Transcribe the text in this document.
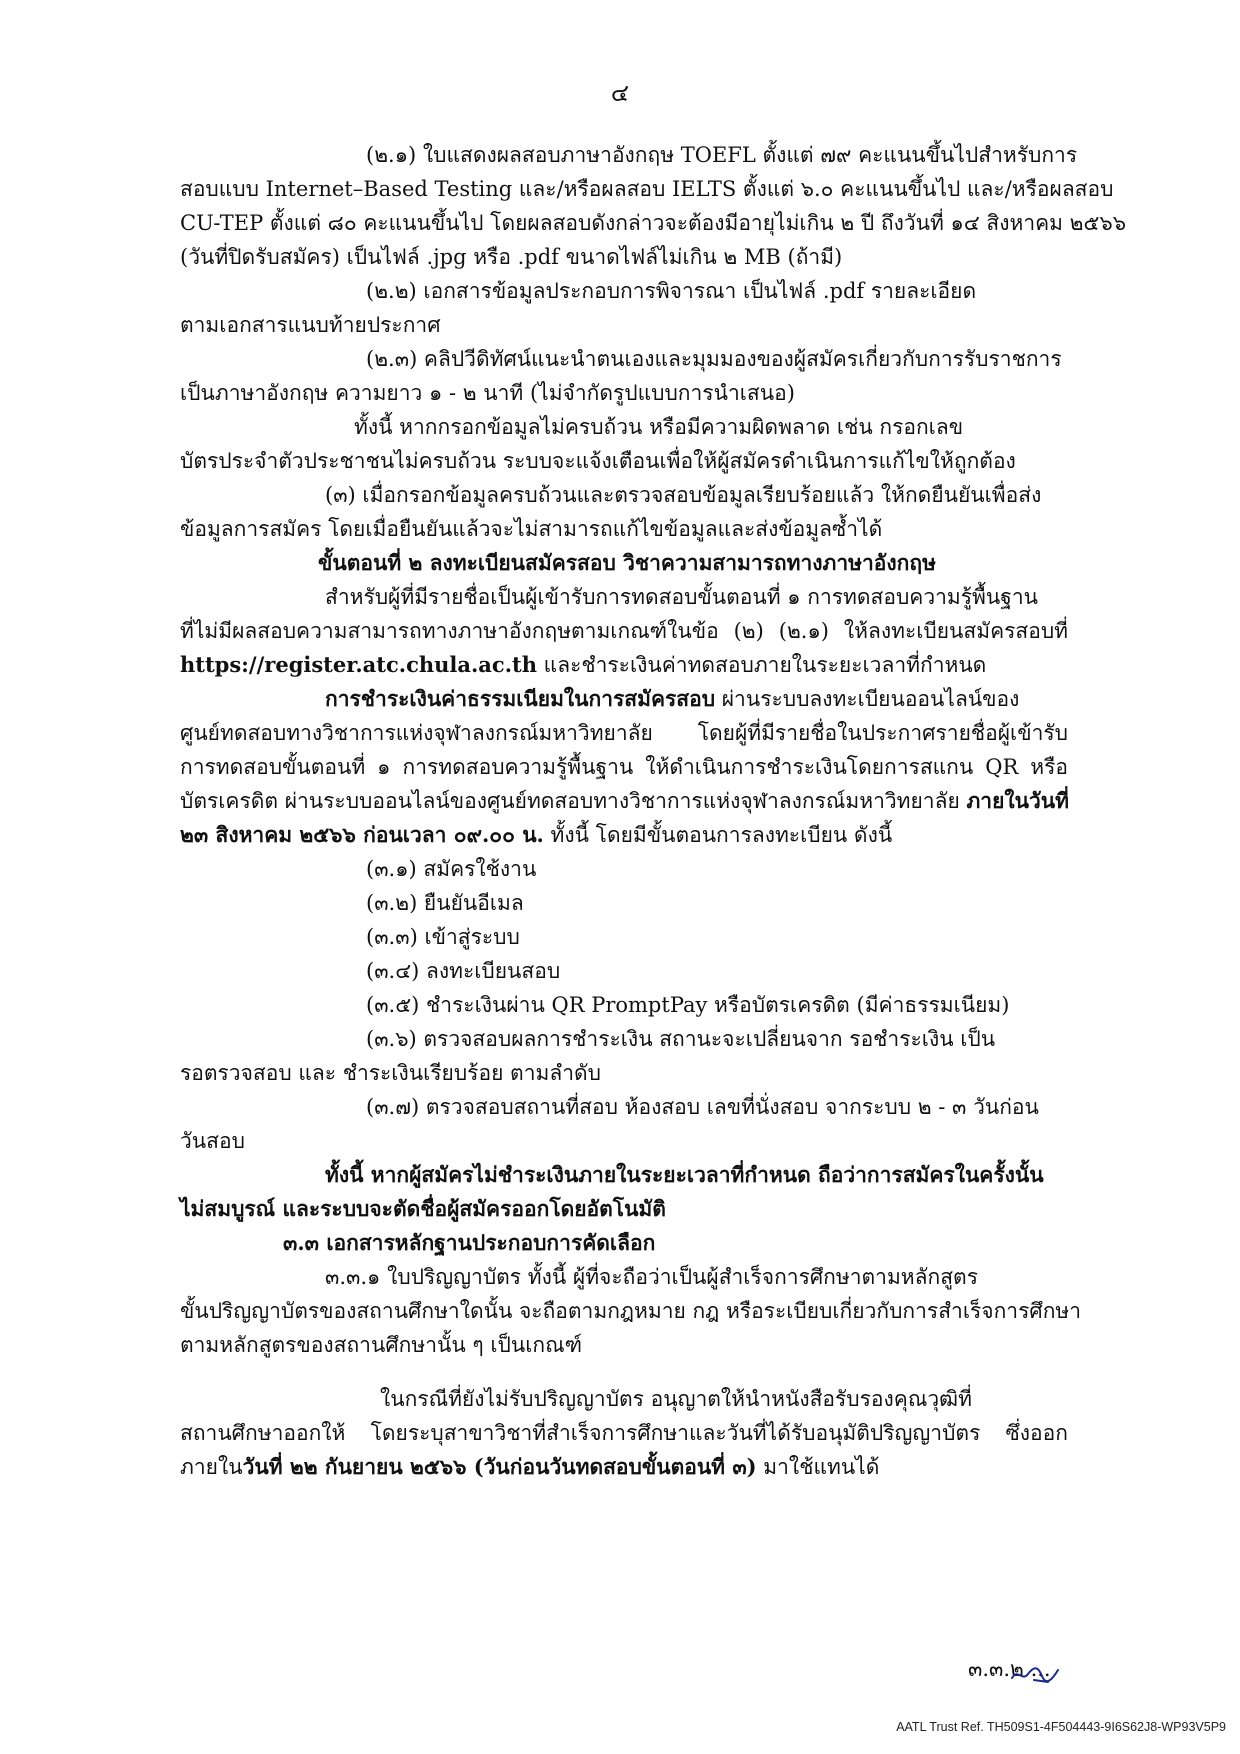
๔
(๒.๑) ใบแสดงผลสอบภาษาอังกฤษ TOEFL ตั้งแต่ ๗๙ คะแนนขึ้นไปสำหรับการ
สอบแบบ Internet–Based Testing และ/หรือผลสอบ IELTS ตั้งแต่ ๖.๐ คะแนนขึ้นไป และ/หรือผลสอบ
CU-TEP ตั้งแต่ ๘๐ คะแนนขึ้นไป โดยผลสอบดังกล่าวจะต้องมีอายุไม่เกิน ๒ ปี ถึงวันที่ ๑๔ สิงหาคม ๒๕๖๖
(วันที่ปิดรับสมัคร) เป็นไฟล์ .jpg หรือ .pdf ขนาดไฟล์ไม่เกิน ๒ MB (ถ้ามี)
(๒.๒) เอกสารข้อมูลประกอบการพิจารณา เป็นไฟล์ .pdf รายละเอียด
ตามเอกสารแนบท้ายประกาศ
(๒.๓) คลิปวีดิทัศน์แนะนำตนเองและมุมมองของผู้สมัครเกี่ยวกับการรับราชการ
เป็นภาษาอังกฤษ ความยาว ๑ - ๒ นาที (ไม่จำกัดรูปแบบการนำเสนอ)
ทั้งนี้ หากกรอกข้อมูลไม่ครบถ้วน หรือมีความผิดพลาด เช่น กรอกเลข
บัตรประจำตัวประชาชนไม่ครบถ้วน ระบบจะแจ้งเตือนเพื่อให้ผู้สมัครดำเนินการแก้ไขให้ถูกต้อง
(๓) เมื่อกรอกข้อมูลครบถ้วนและตรวจสอบข้อมูลเรียบร้อยแล้ว ให้กดยืนยันเพื่อส่ง
ข้อมูลการสมัคร โดยเมื่อยืนยันแล้วจะไม่สามารถแก้ไขข้อมูลและส่งข้อมูลซ้ำได้
ขั้นตอนที่ ๒ ลงทะเบียนสมัครสอบ วิชาความสามารถทางภาษาอังกฤษ
สำหรับผู้ที่มีรายชื่อเป็นผู้เข้ารับการทดสอบขั้นตอนที่ ๑ การทดสอบความรู้พื้นฐาน
ที่ไม่มีผลสอบความสามารถทางภาษาอังกฤษตามเกณฑ์ในข้อ (๒) (๒.๑) ให้ลงทะเบียนสมัครสอบที่
https://register.atc.chula.ac.th และชำระเงินค่าทดสอบภายในระยะเวลาที่กำหนด
การชำระเงินค่าธรรมเนียมในการสมัครสอบ ผ่านระบบลงทะเบียนออนไลน์ของ
ศูนย์ทดสอบทางวิชาการแห่งจุฬาลงกรณ์มหาวิทยาลัย โดยผู้ที่มีรายชื่อในประกาศรายชื่อผู้เข้ารับ
การทดสอบขั้นตอนที่ ๑ การทดสอบความรู้พื้นฐาน ให้ดำเนินการชำระเงินโดยการสแกน QR หรือ
บัตรเครดิต ผ่านระบบออนไลน์ของศูนย์ทดสอบทางวิชาการแห่งจุฬาลงกรณ์มหาวิทยาลัย ภายในวันที่
๒๓ สิงหาคม ๒๕๖๖ ก่อนเวลา ๐๙.๐๐ น. ทั้งนี้ โดยมีขั้นตอนการลงทะเบียน ดังนี้
(๓.๑) สมัครใช้งาน
(๓.๒) ยืนยันอีเมล
(๓.๓) เข้าสู่ระบบ
(๓.๔) ลงทะเบียนสอบ
(๓.๕) ชำระเงินผ่าน QR PromptPay หรือบัตรเครดิต (มีค่าธรรมเนียม)
(๓.๖) ตรวจสอบผลการชำระเงิน สถานะจะเปลี่ยนจาก รอชำระเงิน เป็น
รอตรวจสอบ และ ชำระเงินเรียบร้อย ตามลำดับ
(๓.๗) ตรวจสอบสถานที่สอบ ห้องสอบ เลขที่นั่งสอบ จากระบบ ๒ - ๓ วันก่อน
วันสอบ
ทั้งนี้ หากผู้สมัครไม่ชำระเงินภายในระยะเวลาที่กำหนด ถือว่าการสมัครในครั้งนั้น
ไม่สมบูรณ์ และระบบจะตัดชื่อผู้สมัครออกโดยอัตโนมัติ
๓.๓ เอกสารหลักฐานประกอบการคัดเลือก
๓.๓.๑ ใบปริญญาบัตร ทั้งนี้ ผู้ที่จะถือว่าเป็นผู้สำเร็จการศึกษาตามหลักสูตร
ขั้นปริญญาบัตรของสถานศึกษาใดนั้น จะถือตามกฎหมาย กฎ หรือระเบียบเกี่ยวกับการสำเร็จการศึกษา
ตามหลักสูตรของสถานศึกษานั้น ๆ เป็นเกณฑ์
ในกรณีที่ยังไม่รับปริญญาบัตร อนุญาตให้นำหนังสือรับรองคุณวุฒิที่
สถานศึกษาออกให้ โดยระบุสาขาวิชาที่สำเร็จการศึกษาและวันที่ได้รับอนุมัติปริญญาบัตร ซึ่งออก
ภายในวันที่ ๒๒ กันยายน ๒๕๖๖ (วันก่อนวันทดสอบขั้นตอนที่ ๓) มาใช้แทนได้
๓.๓.๒ ...
AATL Trust Ref. TH509S1-4F504443-9I6S62J8-WP93V5P9
